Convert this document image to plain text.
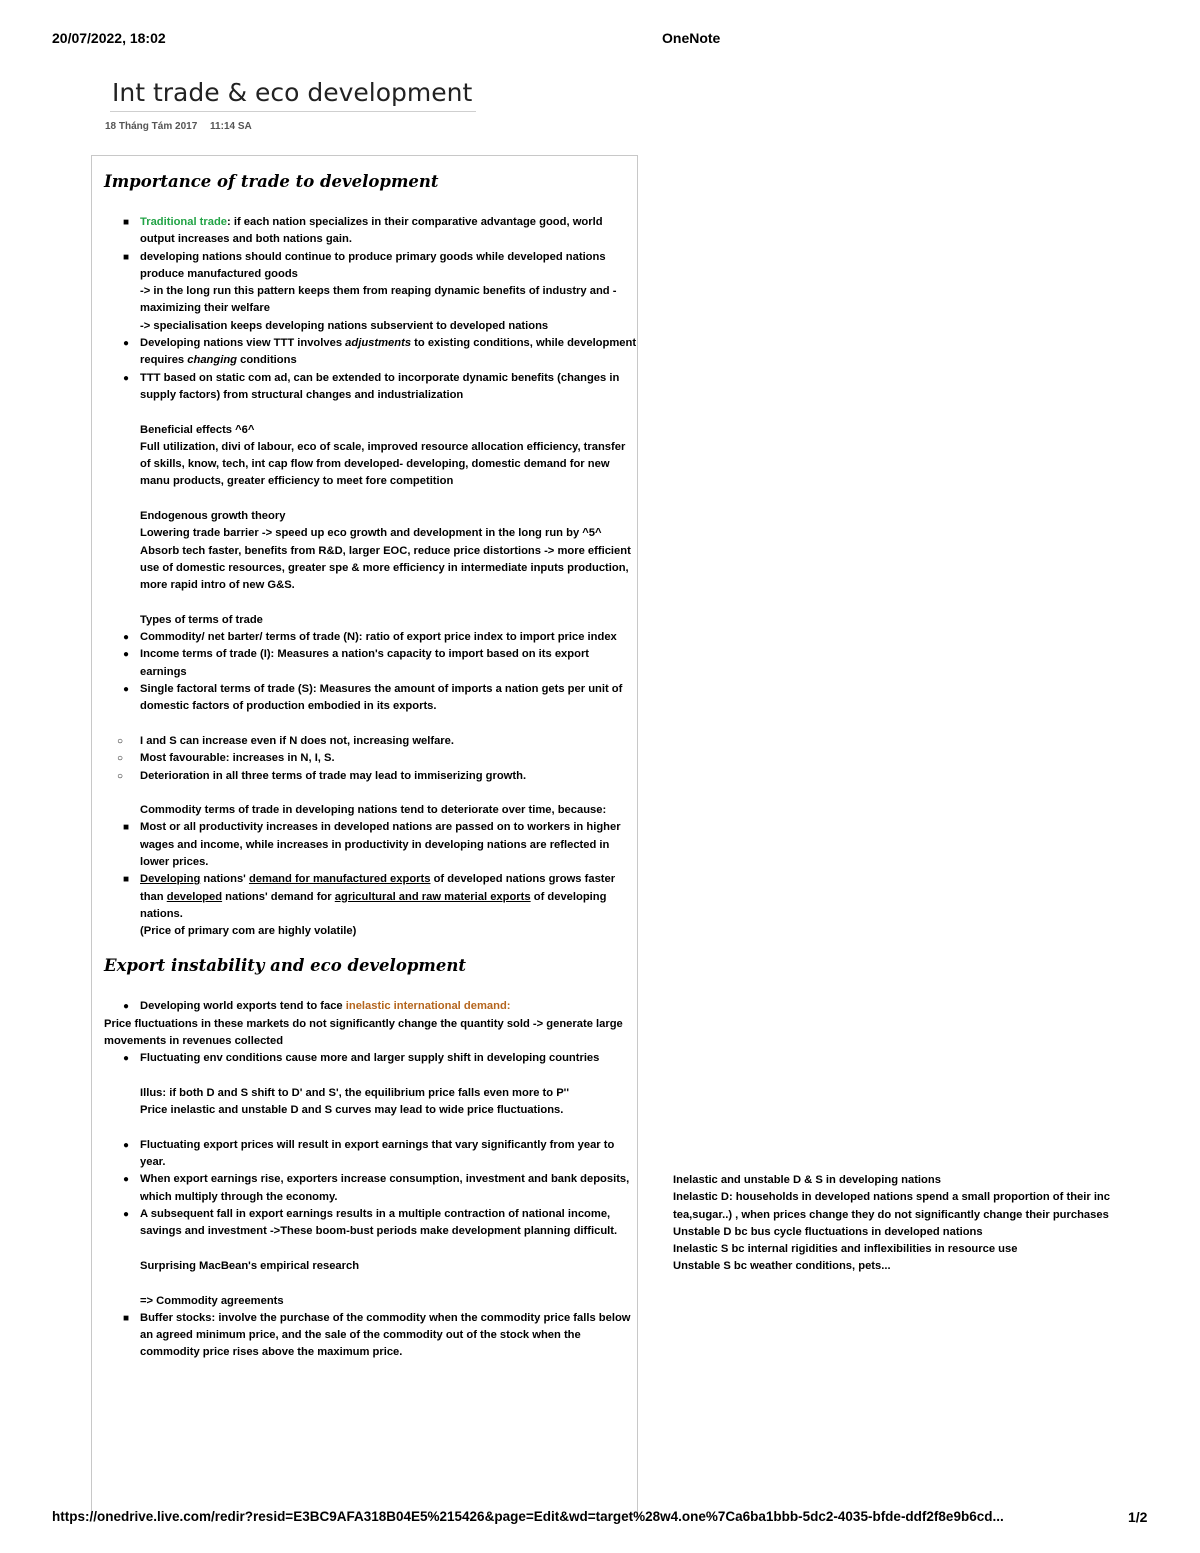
20/07/2022, 18:02	OneNote
Int trade & eco development
18 Tháng Tám 2017 11:14 SA
Importance of trade to development
■ Traditional trade: if each nation specializes in their comparative advantage good, world output increases and both nations gain.
■ developing nations should continue to produce primary goods while developed nations produce manufactured goods
-> in the long run this pattern keeps them from reaping dynamic benefits of industry and -maximizing their welfare
-> specialisation keeps developing nations subservient to developed nations
● Developing nations view TTT involves adjustments to existing conditions, while development requires changing conditions
● TTT based on static com ad, can be extended to incorporate dynamic benefits (changes in supply factors) from structural changes and industrialization
Beneficial effects ^6^
Full utilization, divi of labour, eco of scale, improved resource allocation efficiency, transfer of skills, know, tech, int cap flow from developed- developing, domestic demand for new manu products, greater efficiency to meet fore competition
Endogenous growth theory
Lowering trade barrier -> speed up eco growth and development in the long run by ^5^
Absorb tech faster, benefits from R&D, larger EOC, reduce price distortions -> more efficient use of domestic resources, greater spe & more efficiency in intermediate inputs production, more rapid intro of new G&S.
Types of terms of trade
● Commodity/ net barter/ terms of trade (N): ratio of export price index to import price index
● Income terms of trade (I): Measures a nation's capacity to import based on its export earnings
● Single factoral terms of trade (S): Measures the amount of imports a nation gets per unit of domestic factors of production embodied in its exports.
○ I and S can increase even if N does not, increasing welfare.
○ Most favourable: increases in N, I, S.
○ Deterioration in all three terms of trade may lead to immiserizing growth.
Commodity terms of trade in developing nations tend to deteriorate over time, because:
■ Most or all productivity increases in developed nations are passed on to workers in higher wages and income, while increases in productivity in developing nations are reflected in lower prices.
■ Developing nations' demand for manufactured exports of developed nations grows faster than developed nations' demand for agricultural and raw material exports of developing nations.
(Price of primary com are highly volatile)
Export instability and eco development
● Developing world exports tend to face inelastic international demand:
Price fluctuations in these markets do not significantly change the quantity sold -> generate large movements in revenues collected
● Fluctuating env conditions cause more and larger supply shift in developing countries
Illus: if both D and S shift to D' and S', the equilibrium price falls even more to P''
Price inelastic and unstable D and S curves may lead to wide price fluctuations.
● Fluctuating export prices will result in export earnings that vary significantly from year to year.
● When export earnings rise, exporters increase consumption, investment and bank deposits, which multiply through the economy.
● A subsequent fall in export earnings results in a multiple contraction of national income, savings and investment ->These boom-bust periods make development planning difficult.
Surprising MacBean's empirical research
=> Commodity agreements
■ Buffer stocks: involve the purchase of the commodity when the commodity price falls below an agreed minimum price, and the sale of the commodity out of the stock when the commodity price rises above the maximum price.
Inelastic and unstable D & S in developing nations
Inelastic D: households in developed nations spend a small proportion of their inc
tea,sugar..) , when prices change they do not significantly change their purchases
Unstable D bc bus cycle fluctuations in developed nations
Inelastic S bc internal rigidities and inflexibilities in resource use
Unstable S bc weather conditions, pets...
https://onedrive.live.com/redir?resid=E3BC9AFA318B04E5%215426&page=Edit&wd=target%28w4.one%7Ca6ba1bbb-5dc2-4035-bfde-ddf2f8e9b6cd...	1/2
